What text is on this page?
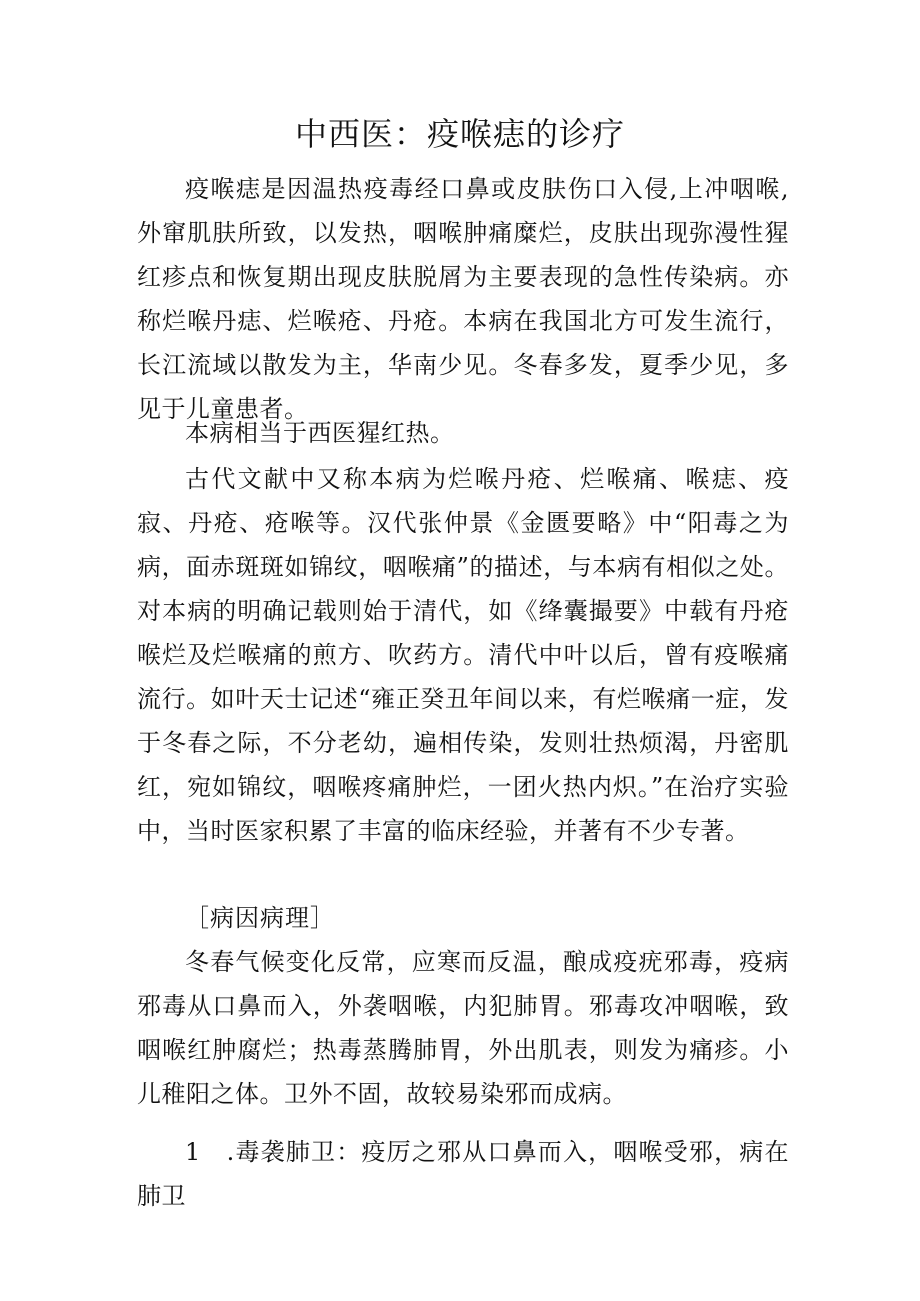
中西医：疫喉痣的诊疗
疫喉痣是因温热疫毒经口鼻或皮肤伤口入侵,上冲咽喉,外窜肌肤所致，以发热，咽喉肿痛糜烂，皮肤出现弥漫性猩红疹点和恢复期出现皮肤脱屑为主要表现的急性传染病。亦称烂喉丹痣、烂喉疮、丹疮。本病在我国北方可发生流行，长江流域以散发为主，华南少见。冬春多发，夏季少见，多见于儿童患者。
本病相当于西医猩红热。
古代文献中又称本病为烂喉丹疮、烂喉痛、喉痣、疫寂、丹疮、疮喉等。汉代张仲景《金匮要略》中“阳毒之为病，面赤斑斑如锦纹，咽喉痛”的描述，与本病有相似之处。对本病的明确记载则始于清代，如《绛囊撮要》中载有丹疮喉烂及烂喉痛的煎方、吹药方。清代中叶以后，曾有疫喉痛流行。如叶天士记述“雍正癸丑年间以来，有烂喉痛一症，发于冬春之际，不分老幼，遍相传染，发则壮热烦渴，丹密肌红，宛如锦纹，咽喉疼痛肿烂，一团火热内炽。”在治疗实验中，当时医家积累了丰富的临床经验，并著有不少专著。
［病因病理］
冬春气候变化反常，应寒而反温，酿成疫疣邪毒，疫病邪毒从口鼻而入，外袭咽喉，内犯肺胃。邪毒攻冲咽喉，致咽喉红肿腐烂；热毒蒸腾肺胃，外出肌表，则发为痛疹。小儿稚阳之体。卫外不固，故较易染邪而成病。
1　.毒袭肺卫：疫厉之邪从口鼻而入，咽喉受邪，病在肺卫
